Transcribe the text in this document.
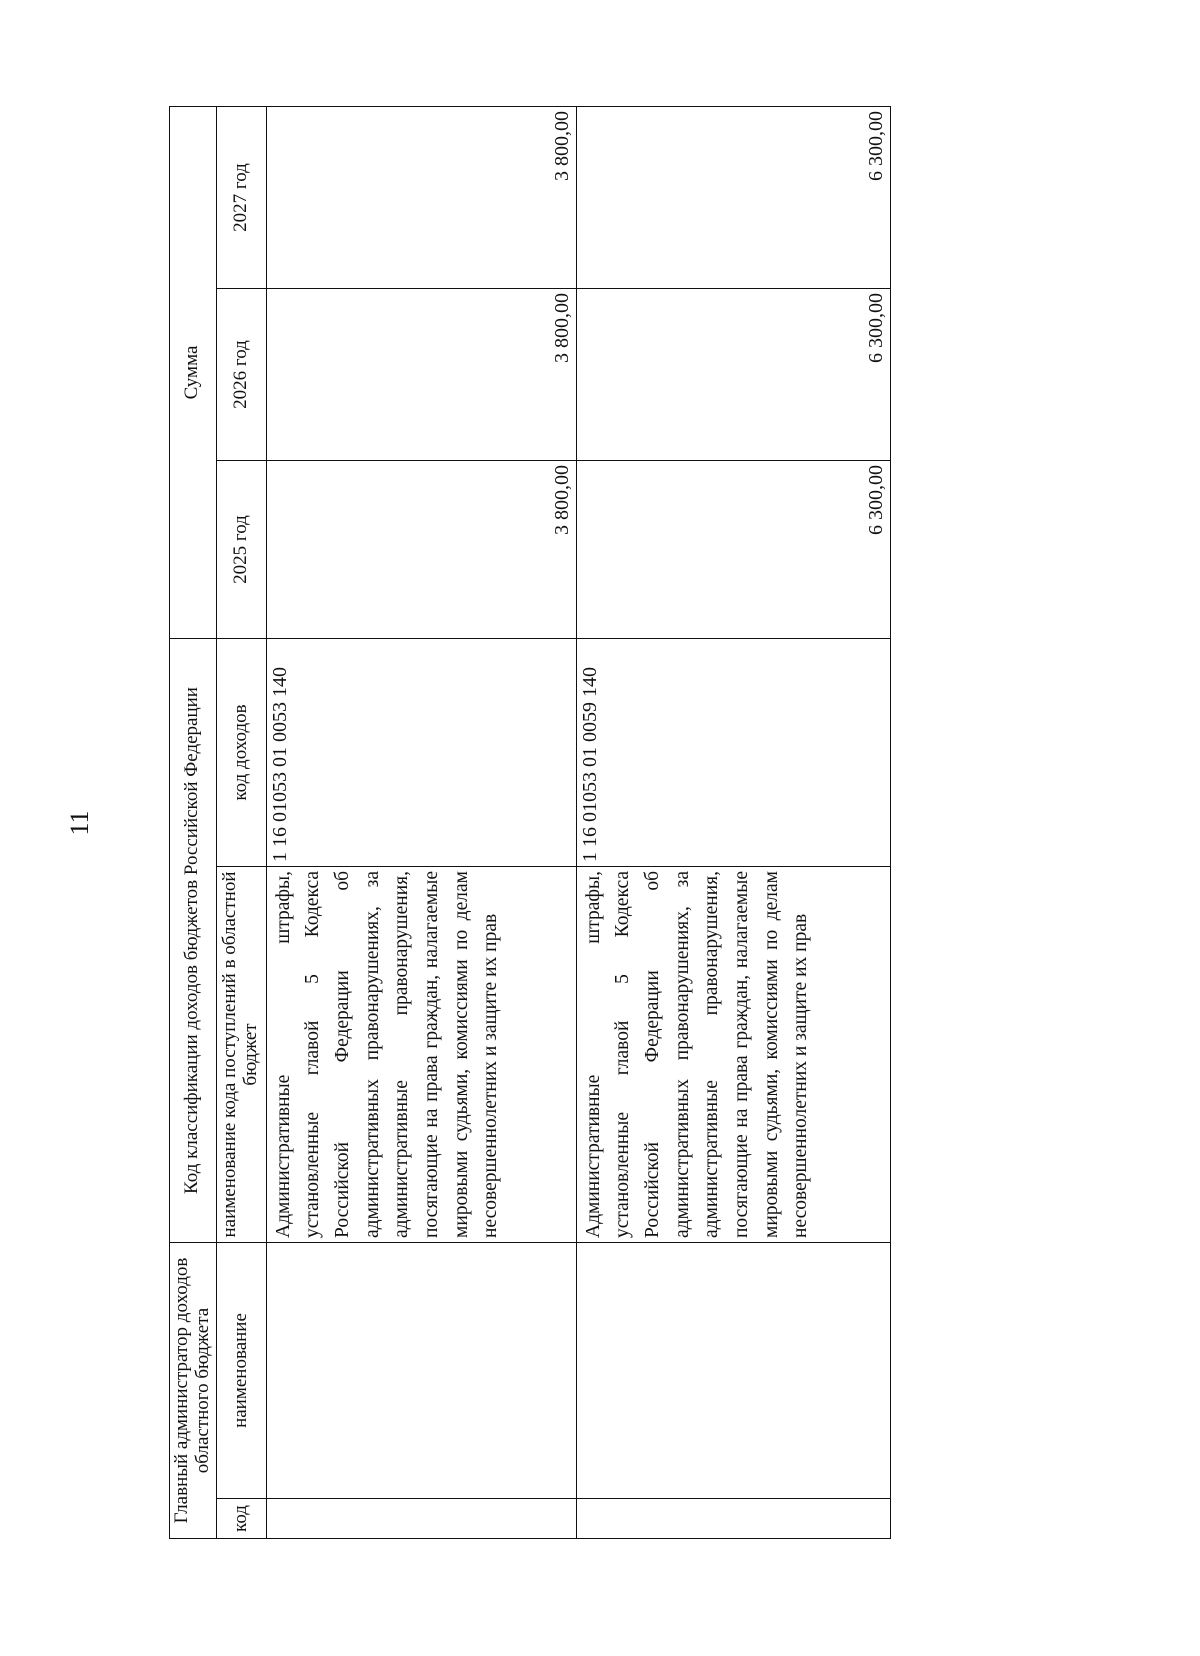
11
Главный администратор доходов областного бюджета		Код классификации доходов бюджетов Российской Федерации		Сумма		
код	наименование	наименование кода поступлений в областной бюджет	код доходов	2025 год	2026 год	2027 год
		Административные штрафы, установленные главой 5 Кодекса Российской Федерации об административных правонарушениях, за административные правонарушения, посягающие на права граждан, налагаемые мировыми судьями, комиссиями по делам несовершеннолетних и защите их прав	1 16 01053 01 0053 140	3 800,00	3 800,00	3 800,00
		Административные штрафы, установленные главой 5 Кодекса Российской Федерации об административных правонарушениях, за административные правонарушения, посягающие на права граждан, налагаемые мировыми судьями, комиссиями по делам несовершеннолетних и защите их прав	1 16 01053 01 0059 140	6 300,00	6 300,00	6 300,00
